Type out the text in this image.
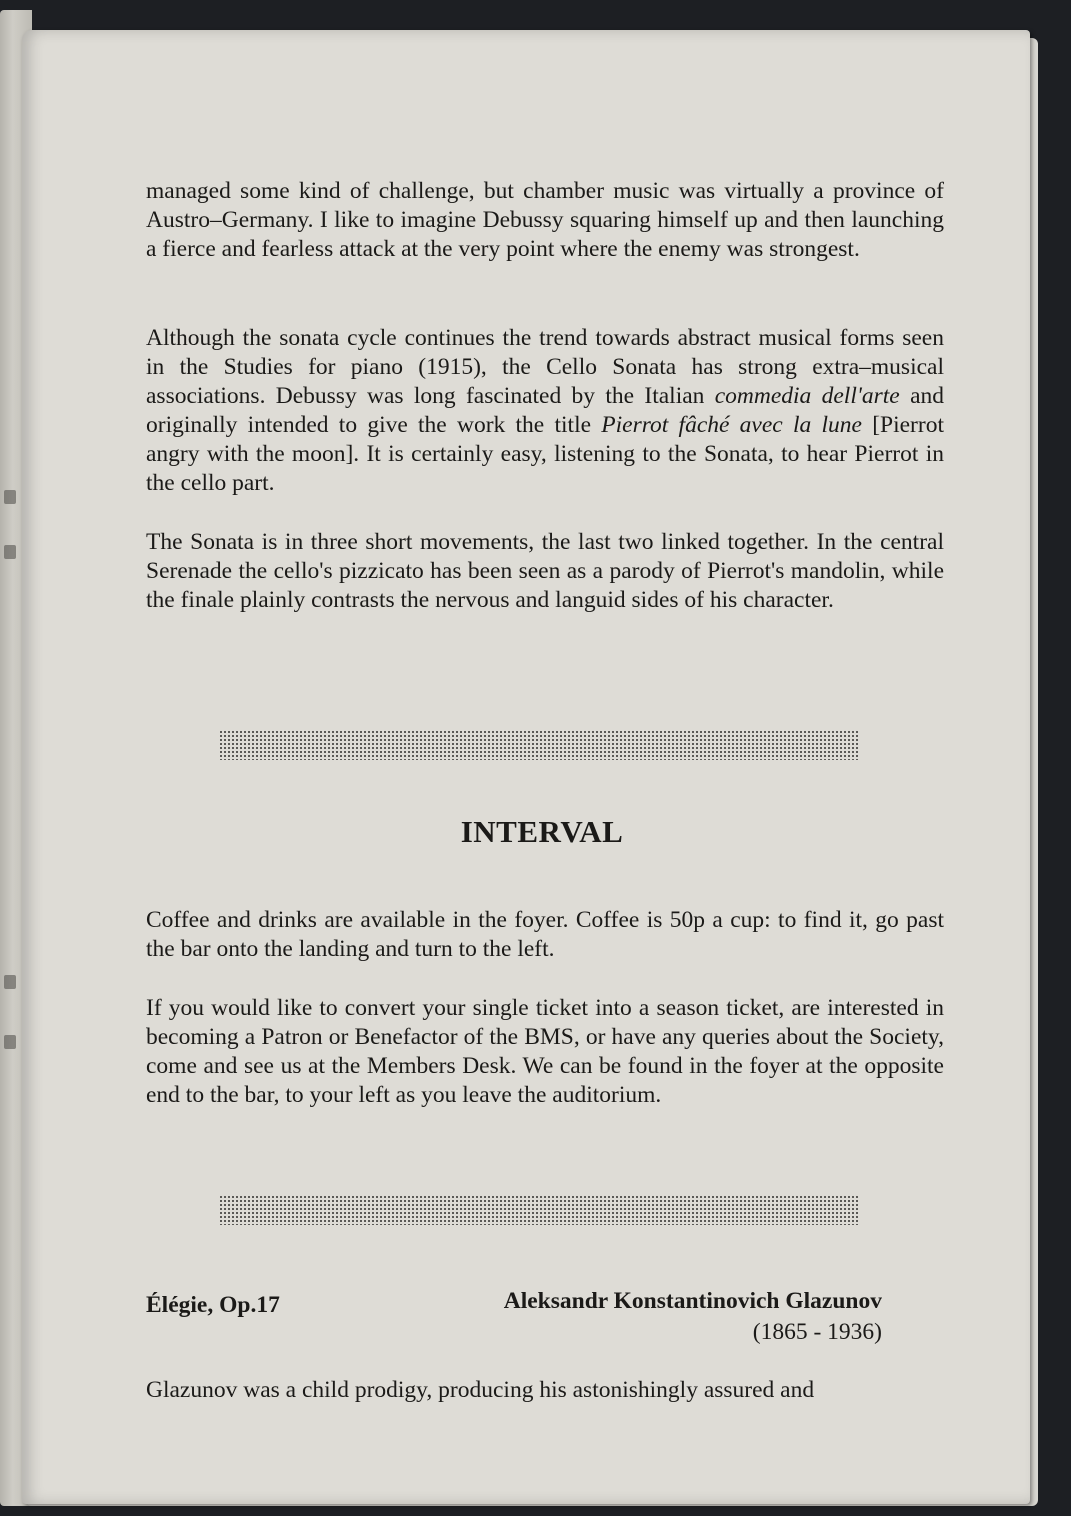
managed some kind of challenge, but chamber music was virtually a province of Austro–Germany. I like to imagine Debussy squaring himself up and then launching a fierce and fearless attack at the very point where the enemy was strongest.

Although the sonata cycle continues the trend towards abstract musical forms seen in the Studies for piano (1915), the Cello Sonata has strong extra–musical associations. Debussy was long fascinated by the Italian commedia dell'arte and originally intended to give the work the title Pierrot fâché avec la lune [Pierrot angry with the moon]. It is certainly easy, listening to the Sonata, to hear Pierrot in the cello part.

The Sonata is in three short movements, the last two linked together. In the central Serenade the cello's pizzicato has been seen as a parody of Pierrot's mandolin, while the finale plainly contrasts the nervous and languid sides of his character.

INTERVAL

Coffee and drinks are available in the foyer. Coffee is 50p a cup: to find it, go past the bar onto the landing and turn to the left.

If you would like to convert your single ticket into a season ticket, are interested in becoming a Patron or Benefactor of the BMS, or have any queries about the Society, come and see us at the Members Desk. We can be found in the foyer at the opposite end to the bar, to your left as you leave the auditorium.

Élégie, Op.17	Aleksandr Konstantinovich Glazunov
(1865 - 1936)

Glazunov was a child prodigy, producing his astonishingly assured and
